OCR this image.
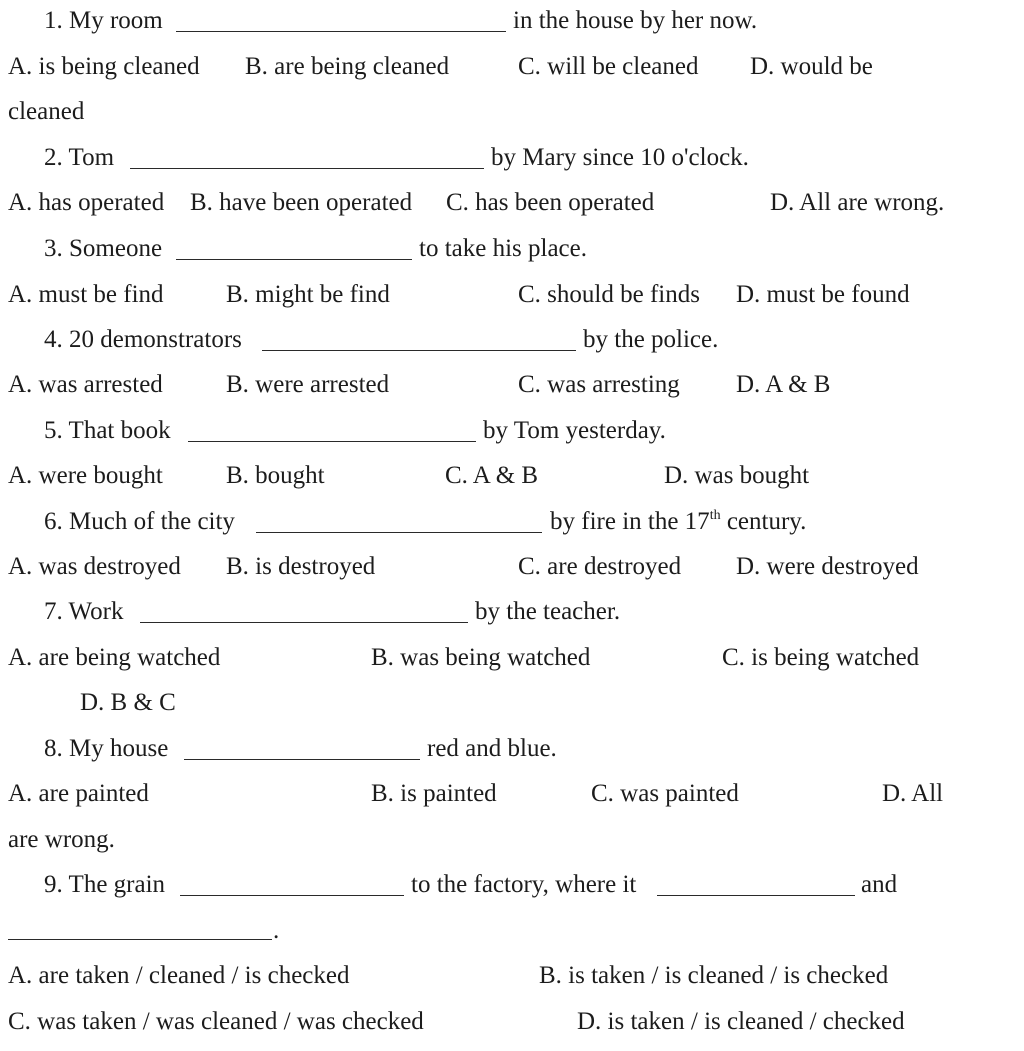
1. My room	in the house by her now.
A. is being cleaned B. are being cleaned	C. will be cleaned D. would be
cleaned
2. Tom	by Mary since 10 o'clock.
A. has operated B. have been operated C. has been operated	D. All are wrong.
3. Someone	to take his place.
A. must be find B. might be find	C. should be finds D. must be found
4. 20 demonstrators	by the police.
A. was arrested	B. were arrested	C. was arresting D. A & B
5. That book	by Tom yesterday.
A. were bought	B. bought	C. A & B	D. was bought
6. Much of the city	by fire in the 17th century.
A. was destroyed B. is destroyed	C. are destroyed D. were destroyed
7. Work	by the teacher.
A. are being watched	B. was being watched	C. is being watched
D. B & C
8. My house	red and blue.
A. are painted	B. is painted	C. was painted	D. All
are wrong.
9. The grain	to the factory, where it	and
.
A. are taken / cleaned / is checked	B. is taken / is cleaned / is checked
C. was taken / was cleaned / was checked	D. is taken / is cleaned / checked
